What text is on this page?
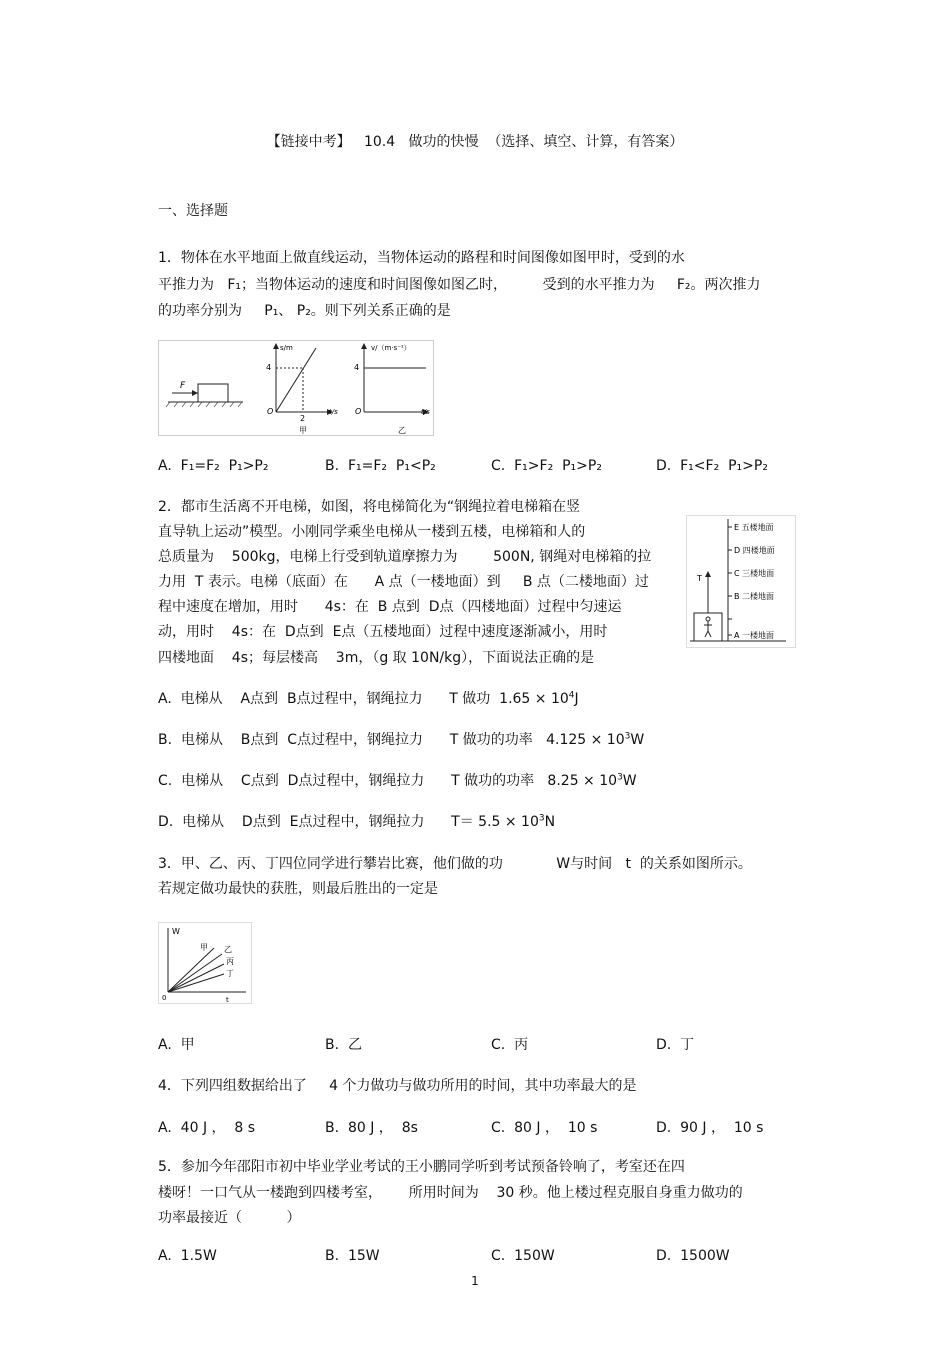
【链接中考】   10.4   做功的快慢  （选择、填空、计算，有答案）
一、选择题
1．物体在水平地面上做直线运动，当物体运动的路程和时间图像如图甲时，受到的水
平推力为   F₁；当物体运动的速度和时间图像如图乙时，        受到的水平推力为     F₂。两次推力
的功率分别为     P₁、 P₂。则下列关系正确的是
F
s/m
4
O
2
t/s
甲
v/（m·s⁻¹）
4
O	t/s
乙
A.  F₁=F₂  P₁>P₂	B.  F₁=F₂  P₁<P₂	C.  F₁>F₂  P₁>P₂	D.  F₁<F₂  P₁>P₂
2．都市生活离不开电梯，如图，将电梯简化为“钢绳拉着电梯箱在竖
直导轨上运动”模型。小刚同学乘坐电梯从一楼到五楼，电梯箱和人的
总质量为    500kg，电梯上行受到轨道摩擦力为        500N, 钢绳对电梯箱的拉
力用  T 表示。电梯（底面）在      A 点（一楼地面）到     B 点（二楼地面）过
程中速度在增加，用时      4s：在  B 点到  D点（四楼地面）过程中匀速运
动，用时    4s：在  D点到  E点（五楼地面）过程中速度逐渐减小，用时
四楼地面    4s；每层楼高    3m，（g 取 10N/kg），下面说法正确的是
T
E 五楼地面
D 四楼地面
C 三楼地面
B 二楼地面
A 一楼地面
A.  电梯从    A点到  B点过程中，钢绳拉力      T 做功  $1.65 \times 10^4J$
B.  电梯从    B点到  C点过程中，钢绳拉力      T 做功的功率   $4.125 \times 10^3W$
C.  电梯从    C点到  D点过程中，钢绳拉力      T 做功的功率   $8.25 \times 10^3W$
D.  电梯从    D点到  E点过程中，钢绳拉力      $T= 5.5 \times 10^3N$
3．甲、乙、丙、丁四位同学进行攀岩比赛，他们做的功            W与时间   t  的关系如图所示。
若规定做功最快的获胜，则最后胜出的一定是
W
0	t
甲 乙
丙
丁
A.  甲	B.  乙	C.  丙	D.  丁
4．下列四组数据给出了     4 个力做功与做功所用的时间，其中功率最大的是
A.  40 J ，  8 s	B.  80 J ，  8s	C.  80 J ，  10 s	D.  90 J ，  10 s
5．参加今年邵阳市初中毕业学业考试的王小鹏同学听到考试预备铃响了，考室还在四
楼呀！一口气从一楼跑到四楼考室，      所用时间为    30 秒。他上楼过程克服自身重力做功的
功率最接近（          ）
A.  1.5W	B.  15W	C.  150W	D.  1500W
1
